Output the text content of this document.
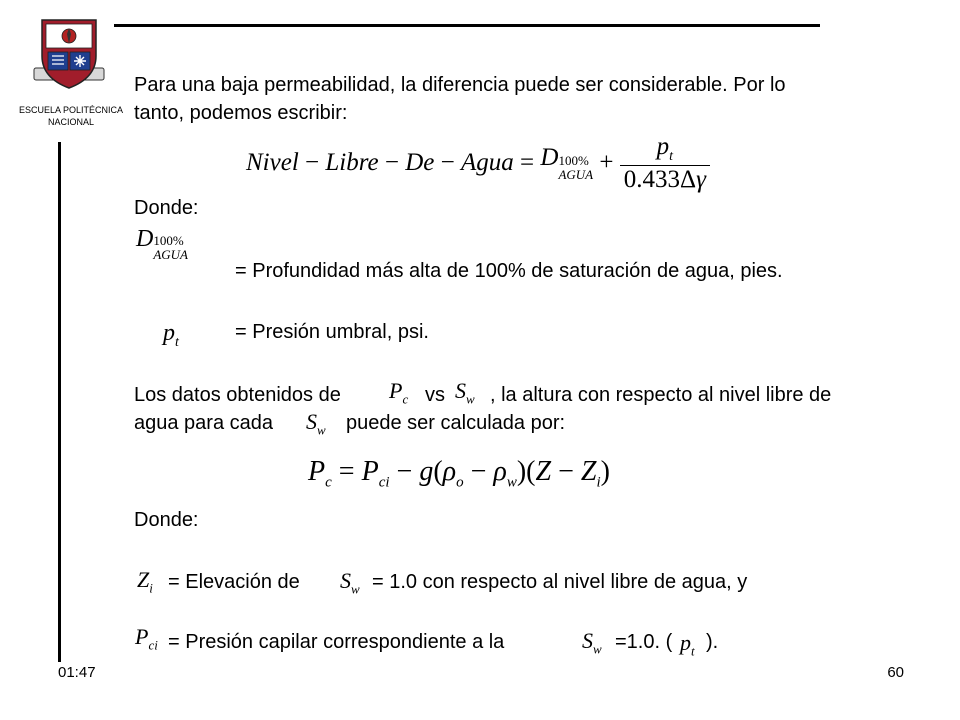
ESCUELA POLITÉCNICA
NACIONAL
Para una baja permeabilidad, la diferencia puede ser considerable. Por lo
tanto, podemos escribir:
Nivel − Libre − De − Agua = D 100%
AGUA + $\frac{p_t}{0.433\Delta\gamma}$
Donde:
D 100%
AGUA
= Profundidad más alta de 100% de saturación de agua, pies.
$p_t$	= Presión umbral, psi.
Los datos obtenidos de $P_c$ vs $S_w$ , la altura con respecto al nivel libre de
agua para cada $S_w$ puede ser calculada por:
$P_c = P_{ci} - g(\rho_o - \rho_w)(Z - Z_i)$
Donde:
$Z_i$ = Elevación de $S_w = 1.0$ con respecto al nivel libre de agua, y
$P_{ci}$ = Presión capilar correspondiente a la	$S_w =1.0$. ( $p_t$ ).
01:47	60
